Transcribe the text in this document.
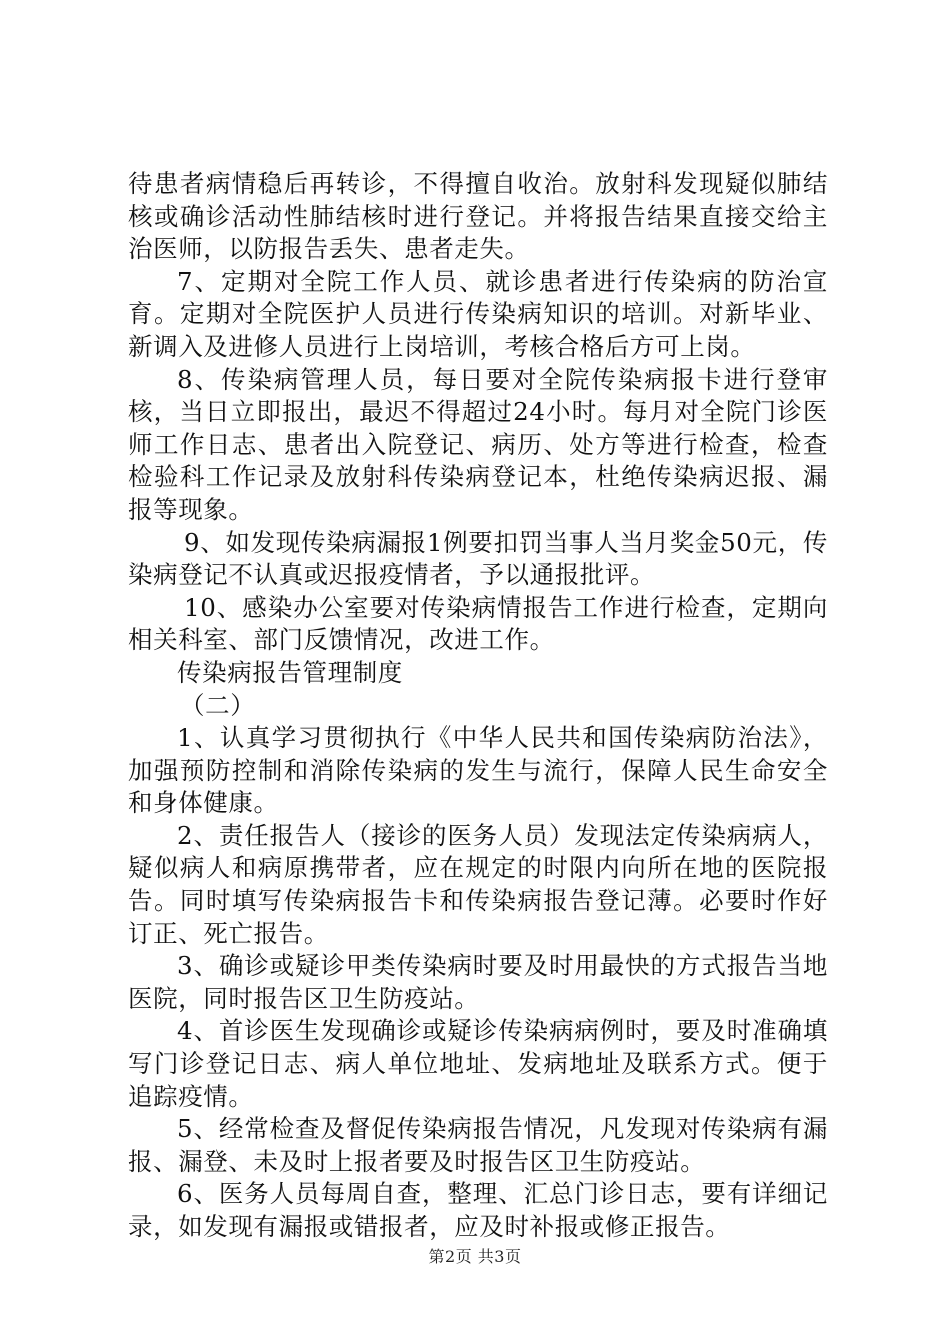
待患者病情稳后再转诊，不得擅自收治。放射科发现疑似肺结核或确诊活动性肺结核时进行登记。并将报告结果直接交给主治医师，以防报告丢失、患者走失。

7、定期对全院工作人员、就诊患者进行传染病的防治宣育。定期对全院医护人员进行传染病知识的培训。对新毕业、新调入及进修人员进行上岗培训，考核合格后方可上岗。

8、传染病管理人员，每日要对全院传染病报卡进行登审核，当日立即报出，最迟不得超过24小时。每月对全院门诊医师工作日志、患者出入院登记、病历、处方等进行检查，检查检验科工作记录及放射科传染病登记本，杜绝传染病迟报、漏报等现象。

9、如发现传染病漏报1例要扣罚当事人当月奖金50元，传染病登记不认真或迟报疫情者，予以通报批评。

10、感染办公室要对传染病情报告工作进行检查，定期向相关科室、部门反馈情况，改进工作。

传染病报告管理制度

（二）

1、认真学习贯彻执行《中华人民共和国传染病防治法》，加强预防控制和消除传染病的发生与流行，保障人民生命安全和身体健康。

2、责任报告人（接诊的医务人员）发现法定传染病病人，疑似病人和病原携带者，应在规定的时限内向所在地的医院报告。同时填写传染病报告卡和传染病报告登记薄。必要时作好订正、死亡报告。

3、确诊或疑诊甲类传染病时要及时用最快的方式报告当地医院，同时报告区卫生防疫站。

4、首诊医生发现确诊或疑诊传染病病例时，要及时准确填写门诊登记日志、病人单位地址、发病地址及联系方式。便于追踪疫情。

5、经常检查及督促传染病报告情况，凡发现对传染病有漏报、漏登、未及时上报者要及时报告区卫生防疫站。

6、医务人员每周自查，整理、汇总门诊日志，要有详细记录，如发现有漏报或错报者，应及时补报或修正报告。

第2页 共3页
